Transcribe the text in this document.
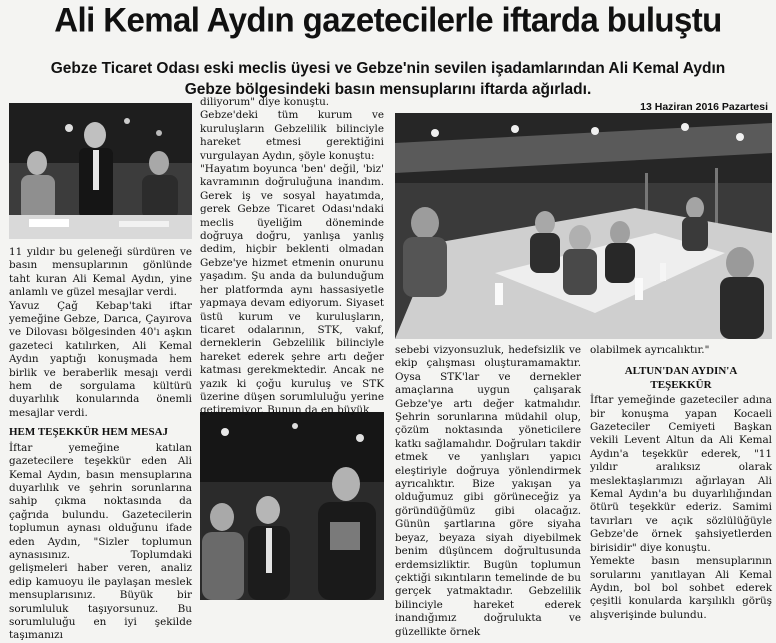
Ali Kemal Aydın gazetecilerle iftarda buluştu
Gebze Ticaret Odası eski meclis üyesi ve Gebze'nin sevilen işadamlarından Ali Kemal Aydın
Gebze bölgesindeki basın mensuplarını iftarda ağırladı.
13 Haziran 2016 Pazartesi

11 yıldır bu geleneği sürdüren ve basın mensuplarının gönlünde taht kuran Ali Kemal Aydın, yine anlamlı ve güzel mesajlar verdi.

Yavuz Çağ Kebap'taki iftar yemeğine Gebze, Darıca, Çayırova ve Dilovası bölgesinden 40'ı aşkın gazeteci katılırken, Ali Kemal Aydın yaptığı konuşmada hem birlik ve beraberlik mesajı verdi hem de sorgulama kültürü duyarlılık konularında önemli mesajlar verdi.

HEM TEŞEKKÜR HEM MESAJ

İftar yemeğine katılan gazetecilere teşekkür eden Ali Kemal Aydın, basın mensuplarına duyarlılık ve şehrin sorunlarına sahip çıkma noktasında da çağrıda bulundu. Gazetecilerin toplumun aynası olduğunu ifade eden Aydın, "Sizler toplumun aynasısınız. Toplumdaki gelişmeleri haber veren, analiz edip kamuoyu ile paylaşan meslek mensuplarısınız. Büyük bir sorumluluk taşıyorsunuz. Bu sorumluluğu en iyi şekilde taşımanızı

diliyorum" diye konuştu.

Gebze'deki tüm kurum ve kuruluşların Gebzelilik bilinciyle hareket etmesi gerektiğini vurgulayan Aydın, şöyle konuştu:

"Hayatım boyunca 'ben' değil, 'biz' kavramının doğruluğuna inandım. Gerek iş ve sosyal hayatımda, gerek Gebze Ticaret Odası'ndaki meclis üyeliğim döneminde doğruya doğru, yanlışa yanlış dedim, hiçbir beklenti olmadan Gebze'ye hizmet etmenin onurunu yaşadım. Şu anda da bulunduğum her platformda aynı hassasiyetle yapmaya devam ediyorum. Siyaset üstü kurum ve kuruluşların, ticaret odalarının, STK, vakıf, derneklerin Gebzelilik bilinciyle hareket ederek şehre artı değer katması gerekmektedir. Ancak ne yazık ki çoğu kuruluş ve STK üzerine düşen sorumluluğu yerine getiremiyor. Bunun da en büyük

sebebi vizyonsuzluk, hedefsizlik ve ekip çalışması oluşturamamaktır. Oysa STK'lar ve dernekler amaçlarına uygun çalışarak Gebze'ye artı değer katmalıdır. Şehrin sorunlarına müdahil olup, çözüm noktasında yöneticilere katkı sağlamalıdır. Doğruları takdir etmek ve yanlışları yapıcı eleştiriyle doğruya yönlendirmek ayrıcalıktır. Bize yakışan ya olduğumuz gibi görüneceğiz ya göründüğümüz gibi olacağız. Günün şartlarına göre siyaha beyaz, beyaza siyah diyebilmek benim düşüncem doğrultusunda erdemsizliktir. Bugün toplumun çektiği sıkıntıların temelinde de bu gerçek yatmaktadır. Gebzelilik bilinciyle hareket ederek inandığımız doğrulukta ve güzellikte örnek

olabilmek ayrıcalıktır."

ALTUN'DAN AYDIN'A
TEŞEKKÜR

İftar yemeğinde gazeteciler adına bir konuşma yapan Kocaeli Gazeteciler Cemiyeti Başkan vekili Levent Altun da Ali Kemal Aydın'a teşekkür ederek, "11 yıldır aralıksız olarak meslektaşlarımızı ağırlayan Ali Kemal Aydın'a bu duyarlılığından ötürü teşekkür ederiz. Samimi tavırları ve açık sözlülüğüyle Gebze'de örnek şahsiyetlerden birisidir" diye konuştu.

Yemekte basın mensuplarının sorularını yanıtlayan Ali Kemal Aydın, bol bol sohbet ederek çeşitli konularda karşılıklı görüş alışverişinde bulundu.
